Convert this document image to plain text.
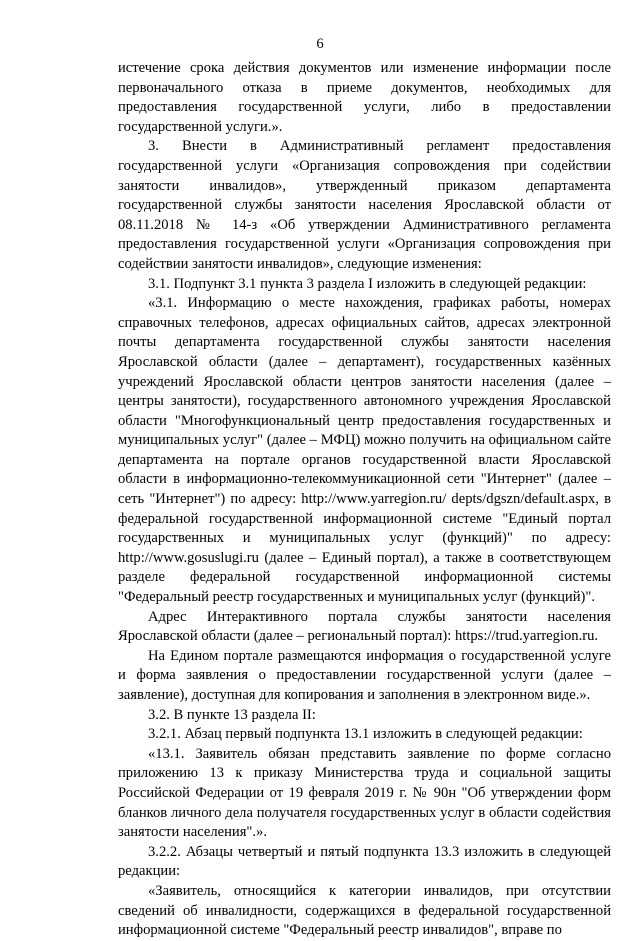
6

истечение срока действия документов или изменение информации после первоначального отказа в приеме документов, необходимых для предоставления государственной услуги, либо в предоставлении государственной услуги.».

3. Внести в Административный регламент предоставления государственной услуги «Организация сопровождения при содействии занятости инвалидов», утвержденный приказом департамента государственной службы занятости населения Ярославской области от 08.11.2018 № 14-з «Об утверждении Административного регламента предоставления государственной услуги «Организация сопровождения при содействии занятости инвалидов», следующие изменения:

3.1. Подпункт 3.1 пункта 3 раздела I изложить в следующей редакции:

«3.1. Информацию о месте нахождения, графиках работы, номерах справочных телефонов, адресах официальных сайтов, адресах электронной почты департамента государственной службы занятости населения Ярославской области (далее – департамент), государственных казённых учреждений Ярославской области центров занятости населения (далее – центры занятости), государственного автономного учреждения Ярославской области "Многофункциональный центр предоставления государственных и муниципальных услуг" (далее – МФЦ) можно получить на официальном сайте департамента на портале органов государственной власти Ярославской области в информационно-телекоммуникационной сети "Интернет" (далее – сеть "Интернет") по адресу: http://www.yarregion.ru/ depts/dgszn/default.aspx, в федеральной государственной информационной системе "Единый портал государственных и муниципальных услуг (функций)" по адресу: http://www.gosuslugi.ru (далее – Единый портал), а также в соответствующем разделе федеральной государственной информационной системы "Федеральный реестр государственных и муниципальных услуг (функций)".

Адрес Интерактивного портала службы занятости населения Ярославской области (далее – региональный портал): https://trud.yarregion.ru.

На Едином портале размещаются информация о государственной услуге и форма заявления о предоставлении государственной услуги (далее – заявление), доступная для копирования и заполнения в электронном виде.».

3.2. В пункте 13 раздела II:

3.2.1. Абзац первый подпункта 13.1 изложить в следующей редакции:

«13.1. Заявитель обязан представить заявление по форме согласно приложению 13 к приказу Министерства труда и социальной защиты Российской Федерации от 19 февраля 2019 г. № 90н "Об утверждении форм бланков личного дела получателя государственных услуг в области содействия занятости населения".».

3.2.2. Абзацы четвертый и пятый подпункта 13.3 изложить в следующей редакции:

«Заявитель, относящийся к категории инвалидов, при отсутствии сведений об инвалидности, содержащихся в федеральной государственной информационной системе "Федеральный реестр инвалидов", вправе по
